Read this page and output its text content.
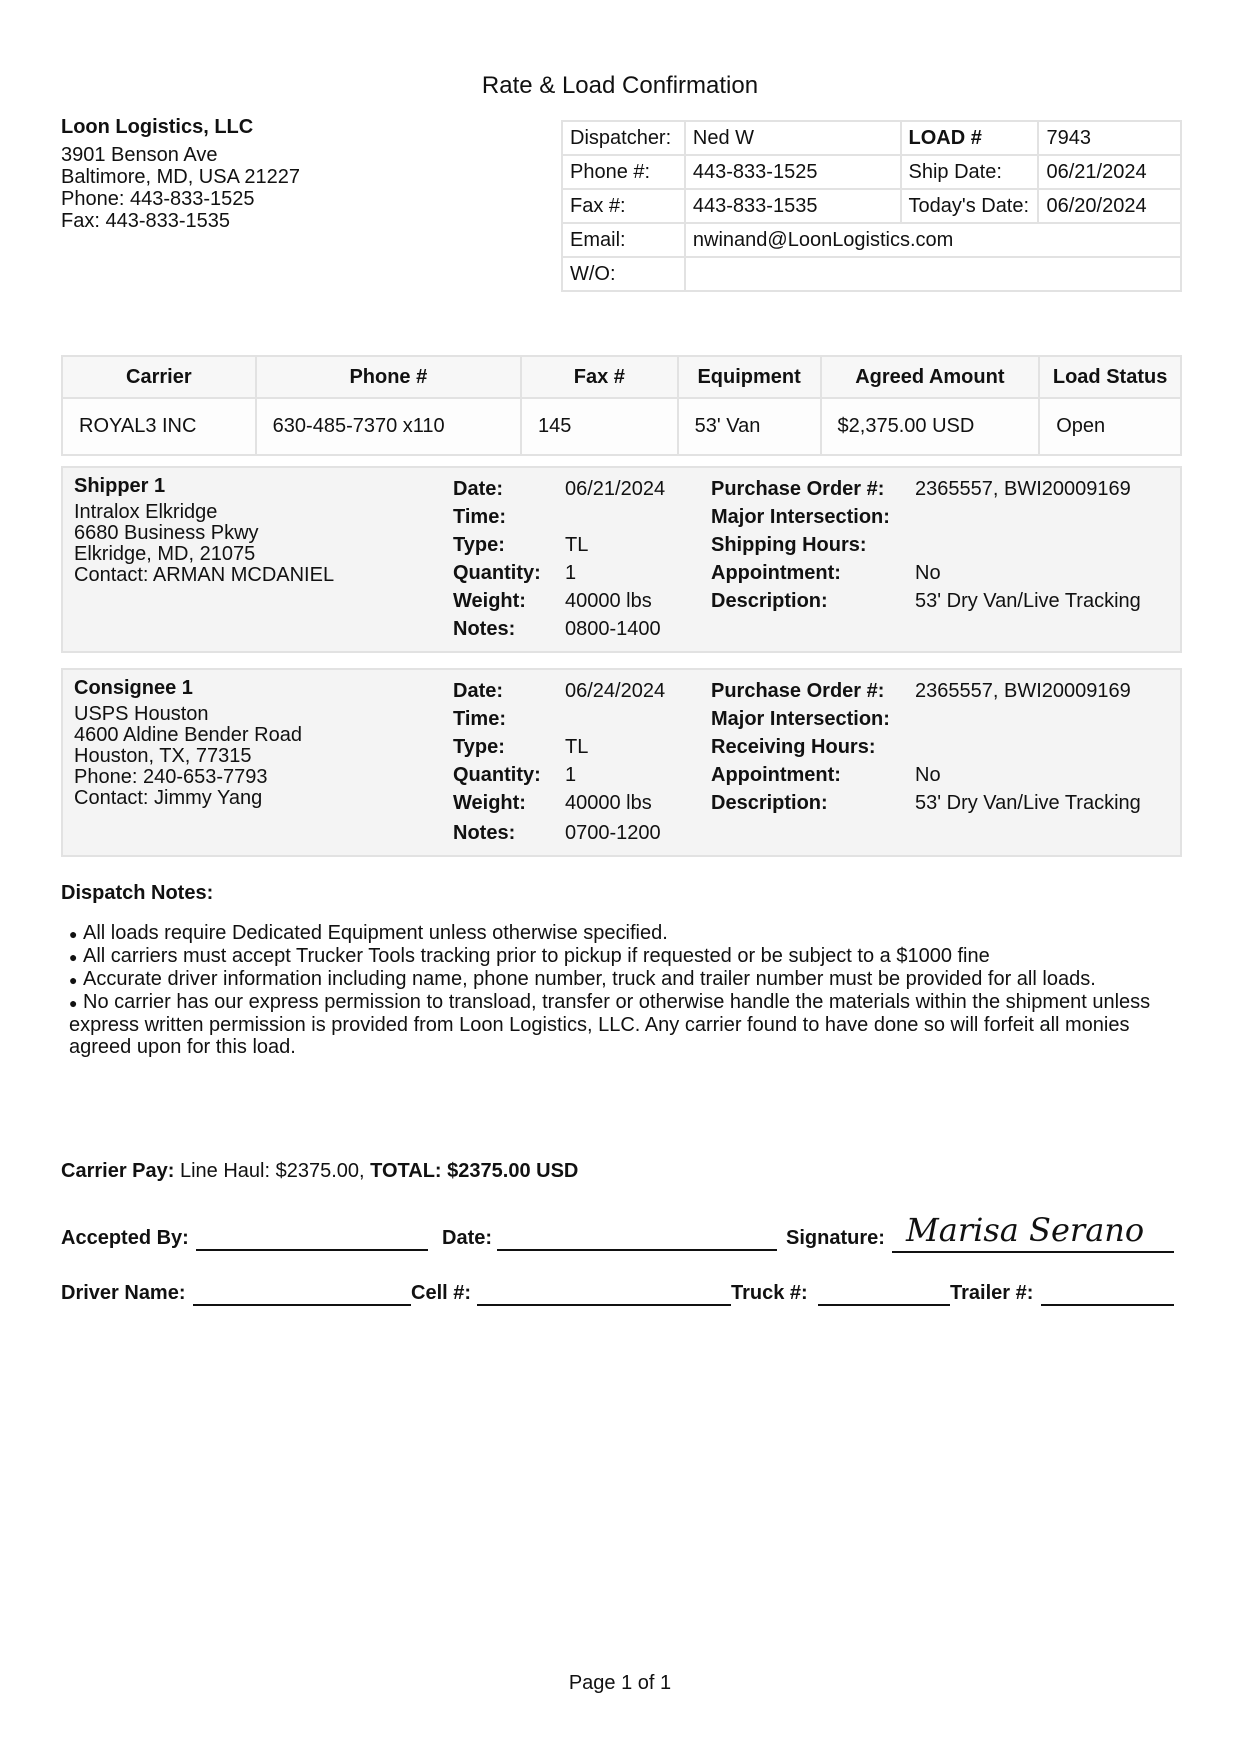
Rate & Load Confirmation
Loon Logistics, LLC
3901 Benson Ave
Baltimore, MD, USA 21227
Phone: 443-833-1525
Fax: 443-833-1535
Dispatcher:	Ned W	LOAD #	7943
Phone #:	443-833-1525	Ship Date:	06/21/2024
Fax #:	443-833-1535	Today's Date:	06/20/2024
Email:	nwinand@LoonLogistics.com		
W/O:			
Carrier	Phone #	Fax #	Equipment	Agreed Amount	Load Status
ROYAL3 INC	630-485-7370 x110	145	53' Van	$2,375.00 USD	Open
Shipper 1
Intralox Elkridge
6680 Business Pkwy
Elkridge, MD, 21075
Contact: ARMAN MCDANIEL
Date:	06/21/2024
Time:
Type:	TL
Quantity: 1
Weight: 40000 lbs
Notes: 0800-1400
Purchase Order #: 2365557, BWI20009169
Major Intersection:
Shipping Hours:
Appointment:	No
Description:	53' Dry Van/Live Tracking
Consignee 1
USPS Houston
4600 Aldine Bender Road
Houston, TX, 77315
Phone: 240-653-7793
Contact: Jimmy Yang
Date:	06/24/2024
Time:
Type:	TL
Quantity: 1
Weight: 40000 lbs
Notes: 0700-1200
Purchase Order #: 2365557, BWI20009169
Major Intersection:
Receiving Hours:
Appointment:	No
Description:	53' Dry Van/Live Tracking
Dispatch Notes:
● All loads require Dedicated Equipment unless otherwise specified.
● All carriers must accept Trucker Tools tracking prior to pickup if requested or be subject to a $1000 fine
● Accurate driver information including name, phone number, truck and trailer number must be provided for all loads.
● No carrier has our express permission to transload, transfer or otherwise handle the materials within the shipment unless express written permission is provided from Loon Logistics, LLC. Any carrier found to have done so will forfeit all monies agreed upon for this load.
Carrier Pay: Line Haul: $2375.00, TOTAL: $2375.00 USD
Accepted By:	Date:	Signature: Marisa Serano
Driver Name:	Cell #:	Truck #:	Trailer #:
Page 1 of 1
